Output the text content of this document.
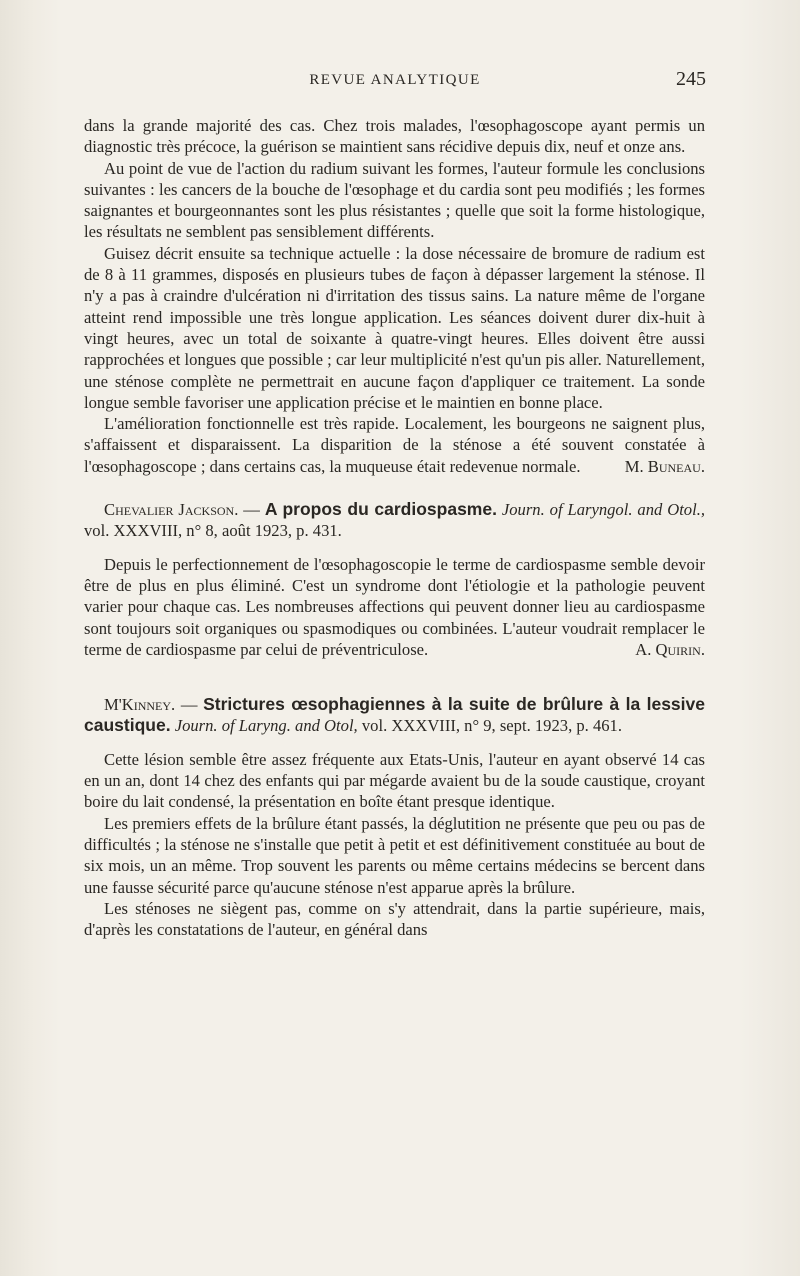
REVUE ANALYTIQUE	245

dans la grande majorité des cas. Chez trois malades, l'œsophagoscope ayant permis un diagnostic très précoce, la guérison se maintient sans récidive depuis dix, neuf et onze ans.

Au point de vue de l'action du radium suivant les formes, l'auteur formule les conclusions suivantes : les cancers de la bouche de l'œsophage et du cardia sont peu modifiés ; les formes saignantes et bourgeonnantes sont les plus résistantes ; quelle que soit la forme histologique, les résultats ne semblent pas sensiblement différents.

Guisez décrit ensuite sa technique actuelle : la dose nécessaire de bromure de radium est de 8 à 11 grammes, disposés en plusieurs tubes de façon à dépasser largement la sténose. Il n'y a pas à craindre d'ulcération ni d'irritation des tissus sains. La nature même de l'organe atteint rend impossible une très longue application. Les séances doivent durer dix-huit à vingt heures, avec un total de soixante à quatre-vingt heures. Elles doivent être aussi rapprochées et longues que possible ; car leur multiplicité n'est qu'un pis aller. Naturellement, une sténose complète ne permettrait en aucune façon d'appliquer ce traitement. La sonde longue semble favoriser une application précise et le maintien en bonne place.

L'amélioration fonctionnelle est très rapide. Localement, les bourgeons ne saignent plus, s'affaissent et disparaissent. La disparition de la sténose a été souvent constatée à l'œsophagoscope ; dans certains cas, la muqueuse était redevenue normale.	M. Buneau.

Chevalier Jackson. — A propos du cardiospasme. Journ. of Laryngol. and Otol., vol. XXXVIII, n° 8, août 1923, p. 431.

Depuis le perfectionnement de l'œsophagoscopie le terme de cardiospasme semble devoir être de plus en plus éliminé. C'est un syndrome dont l'étiologie et la pathologie peuvent varier pour chaque cas. Les nombreuses affections qui peuvent donner lieu au cardiospasme sont toujours soit organiques ou spasmodiques ou combinées. L'auteur voudrait remplacer le terme de cardiospasme par celui de préventriculose.	A. Quirin.

M'Kinney. — Strictures œsophagiennes à la suite de brûlure à la lessive caustique. Journ. of Laryng. and Otol, vol. XXXVIII, n° 9, sept. 1923, p. 461.

Cette lésion semble être assez fréquente aux Etats-Unis, l'auteur en ayant observé 14 cas en un an, dont 14 chez des enfants qui par mégarde avaient bu de la soude caustique, croyant boire du lait condensé, la présentation en boîte étant presque identique.

Les premiers effets de la brûlure étant passés, la déglutition ne présente que peu ou pas de difficultés ; la sténose ne s'installe que petit à petit et est définitivement constituée au bout de six mois, un an même. Trop souvent les parents ou même certains médecins se bercent dans une fausse sécurité parce qu'aucune sténose n'est apparue après la brûlure.

Les sténoses ne siègent pas, comme on s'y attendrait, dans la partie supérieure, mais, d'après les constatations de l'auteur, en général dans
